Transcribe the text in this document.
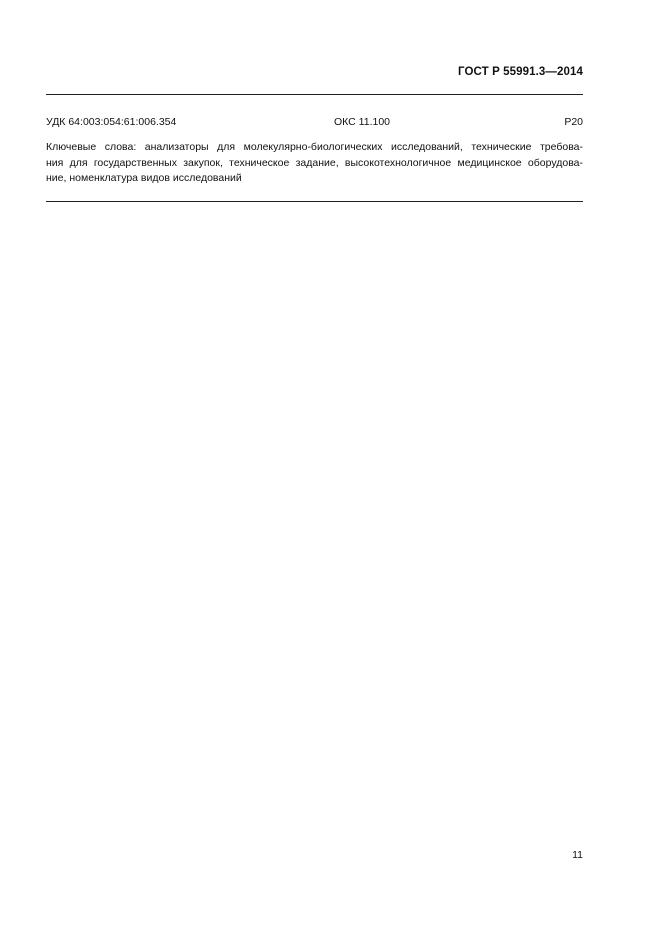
ГОСТ Р 55991.3—2014
УДК 64:003:054:61:006.354	ОКС 11.100	Р20
Ключевые слова: анализаторы для молекулярно-биологических исследований, технические требова-
ния для государственных закупок, техническое задание, высокотехнологичное медицинское оборудова-
ние, номенклатура видов исследований
11
